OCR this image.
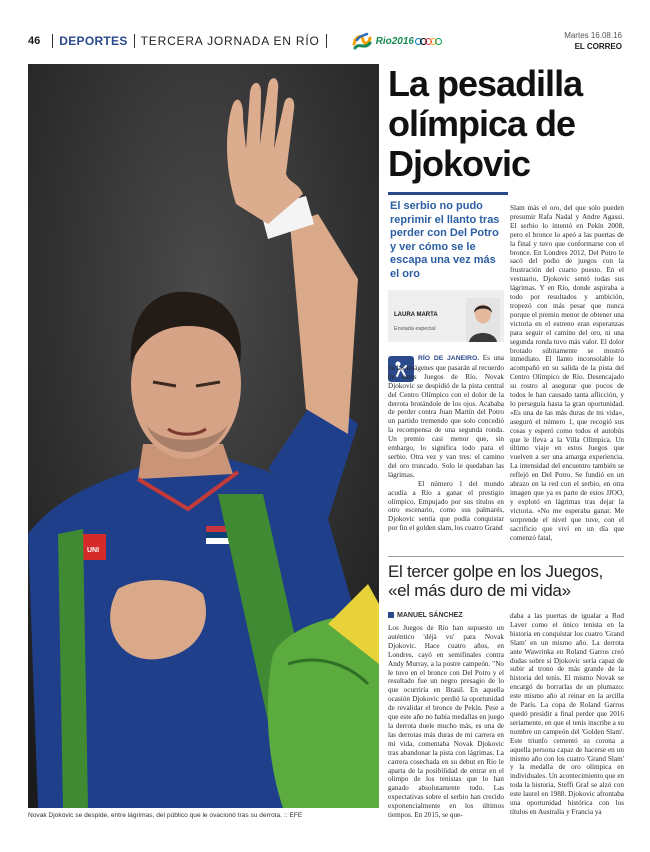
46 DEPORTES TERCERA JORNADA EN RÍO	Rio2016	Martes 16.08.16
EL CORREO
UNI
Novak Djokovic se despide, entre lágrimas, del público que le ovacionó tras su derrota. :: EFE
La pesadilla
olímpica de
Djokovic
El serbio no pudo reprimir el llanto tras perder con Del Potro y ver cómo se le escapa una vez más el oro
LAURA MARTA
Enviada especial

RÍO DE JANEIRO. Es una de las imágenes que pasarán al recuerdo de estos Juegos de Río. Novak Djokovic se despidió de la pista central del Centro Olímpico con el dolor de la derrota brotándole de los ojos. Acababa de perder contra Juan Martín del Potro un partido tremendo que solo concedió la recompensa de una segunda ronda. Un premio casi menor que, sin embargo, lo significa todo para el serbio. Otra vez y van tres: el camino del oro truncado. Solo le quedaban las lágrimas.

El número 1 del mundo acudía a Río a ganar el prestigio olímpico. Empujado por sus títulos en otro escenario, como sus palmarés, Djokovic sentía que podía conquistar por fin el golden slam, los cuatro Grand

Slam más el oro, del que solo pueden presumir Rafa Nadal y Andre Agassi. El serbio lo intentó en Pekín 2008, pero el bronce lo apeó a las puertas de la final y tuvo que conformarse con el bronce. En Londres 2012, Del Potro le sacó del podio de juegos con la frustración del cuarto puesto. En el vestuario, Djokovic sentó todas sus lágrimas. Y en Río, donde aspiraba a todo por resultados y ambición, tropezó con más pesar que nunca porque el premio menor de obtener una victoria en el estreno eran esperanzas para seguir el camino del oro, ni una segunda ronda tuvo más valor. El dolor brotado súbitamente se mostró inmediato. El llanto inconsolable lo acompañó en su salida de la pista del Centro Olímpico de Río. Desencajado su rostro al asegurar que pocos de todos le han causado tanta aflicción, y lo perseguía hasta la gran oportunidad. «Es una de las más duras de mi vida», aseguró el número 1, que recogió sus cosas y esperó como todos el autobús que le lleva a la Villa Olímpica. Un último viaje en estos Juegos que vuelven a ser una amarga experiencia. La intensidad del encuentro también se reflejó en Del Potro. Se fundió en un abrazo en la red con el serbio, en otra imagen que ya es parte de estos JJOO, y explotó en lágrimas tras dejar la victoria. «No me esperaba ganar. Me sorprende el nivel que tuve, con el sacrificio que viví en un día que comenzó fatal,
El tercer golpe en los Juegos, «el más duro de mi vida»
MANUEL SÁNCHEZ
Los Juegos de Río han supuesto un auténtico 'déjà vu' para Novak Djokovic. Hace cuatro años, en Londres, cayó en semifinales contra Andy Murray, a la postre campeón. "No le tuvo en el bronce con Del Potro y el resultado fue un negro presagio de lo que ocurriría en Brasil. En aquella ocasión Djokovic perdió la oportunidad de revalidar el bronce de Pekín. Pese a que este año no había medallas en juego la derrota duele mucho más, es una de las derrotas más duras de mi carrera en mi vida, comentaba Novak Djokovic tras abandonar la pista con lágrimas. La carrera cosechada en su debut en Río le aparta de la posibilidad de entrar en el olimpo de los tenistas que lo han ganado absolutamente todo. Las expectativas sobre el serbio han crecido exponencialmente en los últimos tiempos. En 2015, se que-
daba a las puertas de igualar a Rod Laver como el único tenista en la historia en conquistar los cuatro 'Grand Slam' en un mismo año. La derrota ante Wawrinka en Roland Garros creó dudas sobre si Djokovic sería capaz de subir al trono de más grande de la historia del tenis. El mismo Novak se encargó de borrarlas de un plumazo: este mismo año al reinar en la arcilla de París. La copa de Roland Garros quedó presidir a final perder que 2016 seriamente, en que el tenis inscribe a su nombre un campeón del 'Golden Slam'. Este triunfo cementó su corona a aquella persona capaz de hacerse en un mismo año con los cuatro 'Grand Slam' y la medalla de oro olímpica en individuales. Un acontecimiento que en toda la historia, Steffi Graf se alzó con este laurel en 1988. Djokovic afrontaba una oportunidad histórica con los títulos en Australia y Francia ya
